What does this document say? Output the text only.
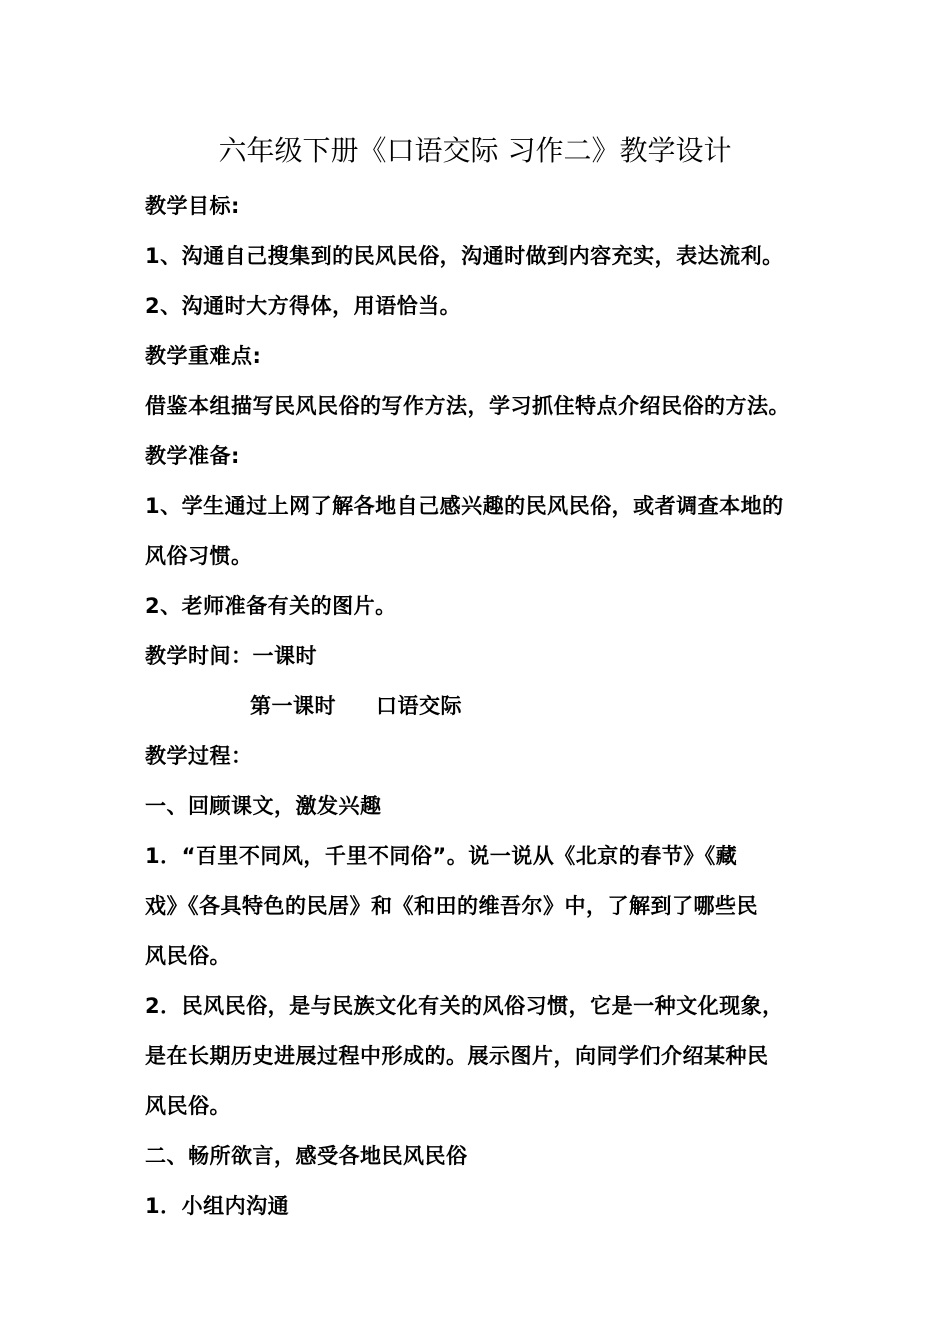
六年级下册《口语交际 习作二》教学设计

教学目标:

1、沟通自己搜集到的民风民俗，沟通时做到内容充实，表达流利。

2、沟通时大方得体，用语恰当。

教学重难点:

借鉴本组描写民风民俗的写作方法，学习抓住特点介绍民俗的方法。

教学准备:

1、学生通过上网了解各地自己感兴趣的民风民俗，或者调查本地的

风俗习惯。

2、老师准备有关的图片。

教学时间：一课时

第一课时 口语交际

教学过程：

一、回顾课文，激发兴趣

1．“百里不同风，千里不同俗”。说一说从《北京的春节》《藏

戏》《各具特色的民居》和《和田的维吾尔》中，了解到了哪些民

风民俗。

2．民风民俗，是与民族文化有关的风俗习惯，它是一种文化现象，

是在长期历史进展过程中形成的。展示图片，向同学们介绍某种民

风民俗。

二、畅所欲言，感受各地民风民俗

1．小组内沟通
